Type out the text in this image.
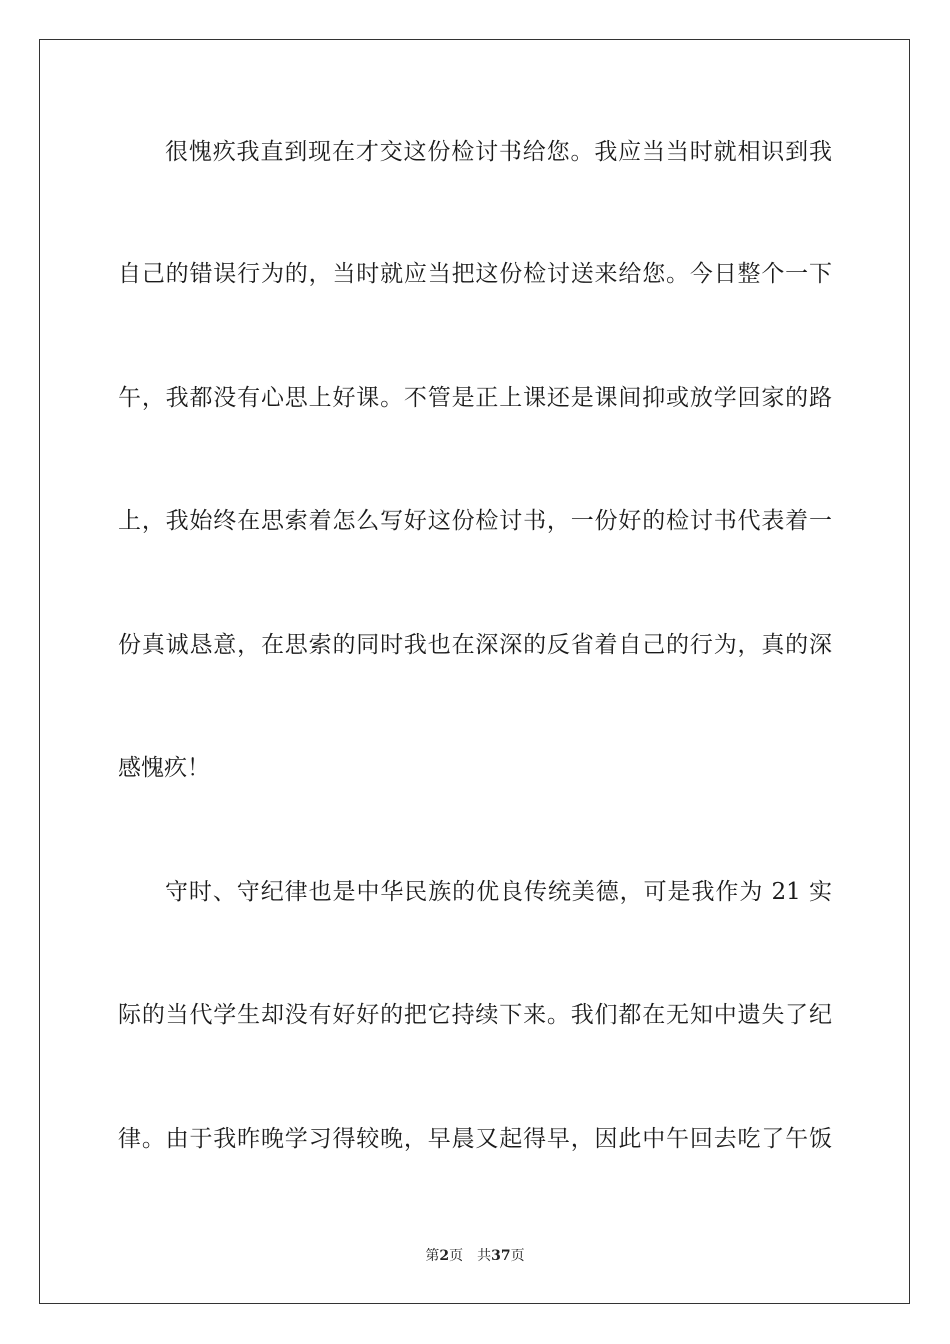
很愧疚我直到现在才交这份检讨书给您。我应当当时就相识到我
自己的错误行为的，当时就应当把这份检讨送来给您。今日整个一下
午，我都没有心思上好课。不管是正上课还是课间抑或放学回家的路
上，我始终在思索着怎么写好这份检讨书，一份好的检讨书代表着一
份真诚恳意，在思索的同时我也在深深的反省着自己的行为，真的深
感愧疚！
守时、守纪律也是中华民族的优良传统美德，可是我作为 21 实
际的当代学生却没有好好的把它持续下来。我们都在无知中遗失了纪
律。由于我昨晚学习得较晚，早晨又起得早，因此中午回去吃了午饭
第2页 共37页
